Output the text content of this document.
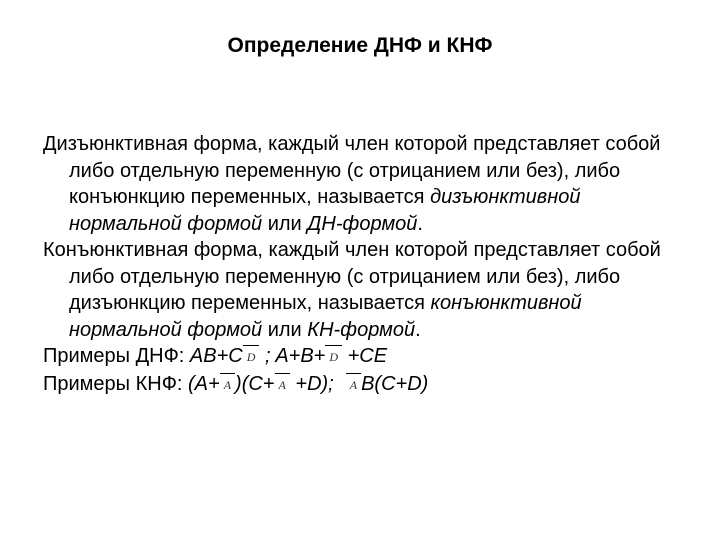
Определение ДНФ и КНФ

Дизъюнктивная форма, каждый член которой представляет собой либо отдельную переменную (с отрицанием или без), либо конъюнкцию переменных, называется дизъюнктивной нормальной формой или ДН-формой.

Конъюнктивная форма, каждый член которой представляет собой либо отдельную переменную (с отрицанием или без), либо дизъюнкцию переменных, называется конъюнктивной нормальной формой или КН-формой.

Примеры ДНФ: AB+C D ; A+B+ D +CE

Примеры КНФ: (A+ A )(C+ A +D); A B(C+D)
